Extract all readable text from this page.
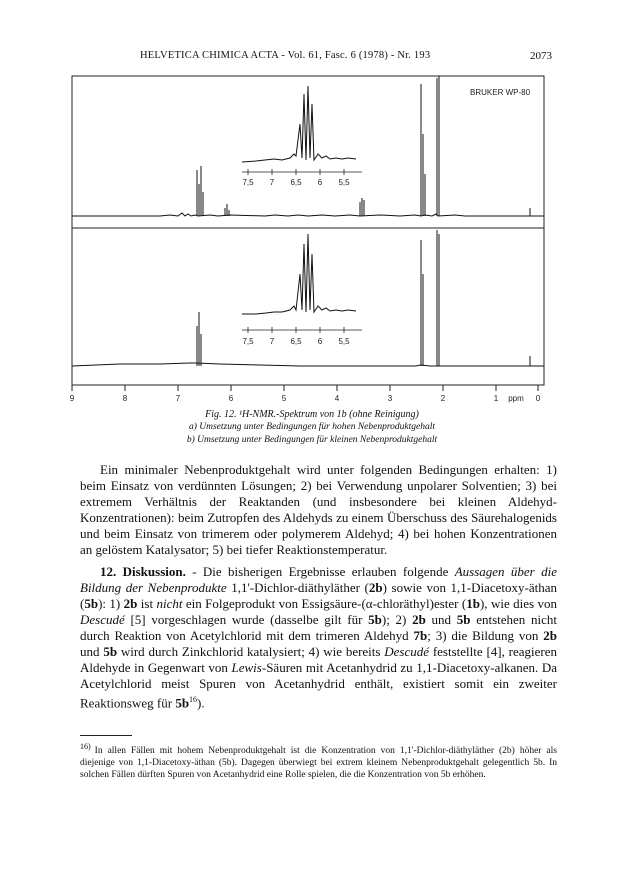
HELVETICA CHIMICA ACTA - Vol. 61, Fasc. 6 (1978) - Nr. 193	2073
BRUKER WP-80
7,5 7 6,5 6 5,5
7,5 7 6,5 6 5,5
9	8	7	6	5	4	3	2	1 ppm 0
Fig. 12. ¹H-NMR.-Spektrum von 1b (ohne Reinigung)
a) Umsetzung unter Bedingungen für hohen Nebenproduktgehalt
b) Umsetzung unter Bedingungen für kleinen Nebenproduktgehalt

Ein minimaler Nebenproduktgehalt wird unter folgenden Bedingungen erhalten: 1) beim Einsatz von verdünnten Lösungen; 2) bei Verwendung unpolarer Solventien; 3) bei extremem Verhältnis der Reaktanden (und insbesondere bei kleinen Aldehyd-Konzentrationen): beim Zutropfen des Aldehyds zu einem Überschuss des Säurehalogenids und beim Einsatz von trimerem oder polymerem Aldehyd; 4) bei hohen Konzentrationen an gelöstem Katalysator; 5) bei tiefer Reaktionstemperatur.

12. Diskussion. - Die bisherigen Ergebnisse erlauben folgende Aussagen über die Bildung der Nebenprodukte 1,1'-Dichlor-diäthyläther (2b) sowie von 1,1-Diacetoxy-äthan (5b): 1) 2b ist nicht ein Folgeprodukt von Essigsäure-(α-chloräthyl)ester (1b), wie dies von Descudé [5] vorgeschlagen wurde (dasselbe gilt für 5b); 2) 2b und 5b entstehen nicht durch Reaktion von Acetylchlorid mit dem trimeren Aldehyd 7b; 3) die Bildung von 2b und 5b wird durch Zinkchlorid katalysiert; 4) wie bereits Descudé feststellte [4], reagieren Aldehyde in Gegenwart von Lewis-Säuren mit Acetanhydrid zu 1,1-Diacetoxy-alkanen. Da Acetylchlorid meist Spuren von Acetanhydrid enthält, existiert somit ein zweiter Reaktionsweg für $5b^{16}$).

$^{16)}$ In allen Fällen mit hohem Nebenproduktgehalt ist die Konzentration von 1,1'-Dichlor-diäthyläther (2b) höher als diejenige von 1,1-Diacetoxy-äthan (5b). Dagegen überwiegt bei extrem kleinem Nebenproduktgehalt gelegentlich 5b. In solchen Fällen dürften Spuren von Acetanhydrid eine Rolle spielen, die die Konzentration von 5b erhöhen.
